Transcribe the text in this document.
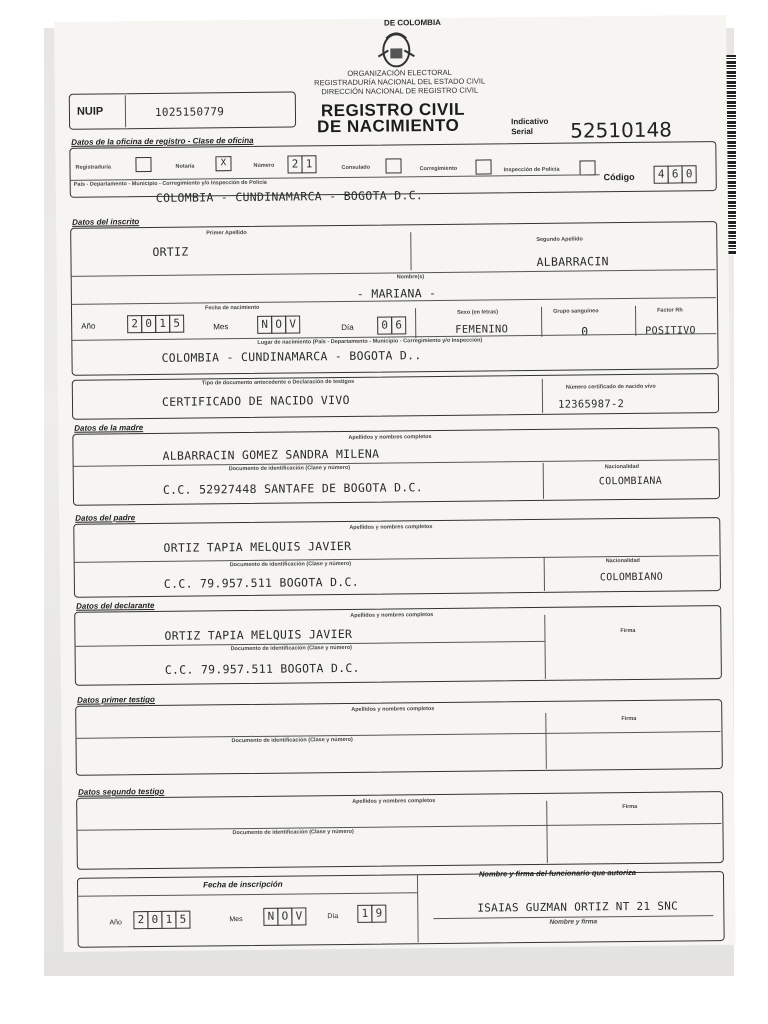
DE COLOMBIA
ORGANIZACIÓN ELECTORAL
REGISTRADURÍA NACIONAL DEL ESTADO CIVIL
DIRECCIÓN NACIONAL DE REGISTRO CIVIL
REGISTRO CIVIL
DE NACIMIENTO
NUIP	1025150779
Indicativo
Serial 52510148
Datos de la oficina de registro - Clase de oficina
Registraduría	Notaría	X	Número	2 1	Consulado	Corregimiento	Inspección de Policía
Código	4 6 0
País - Departamento - Municipio - Corregimiento y/o Inspección de Policía
COLOMBIA - CUNDINAMARCA - BOGOTA D.C.
Datos del inscrito
Primer Apellido
ORTIZ
Segundo Apellido
ALBARRACIN
Nombre(s)
- MARIANA -
Fecha de nacimiento
Año	2 0 1 5	Mes	N O V	Día	0 6
Sexo (en letras)
FEMENINO
Grupo sanguíneo
0
Factor Rh
POSITIVO
Lugar de nacimiento (País - Departamento - Municipio - Corregimiento y/o Inspección)
COLOMBIA - CUNDINAMARCA - BOGOTA D..
Tipo de documento antecedente o Declaración de testigos
CERTIFICADO DE NACIDO VIVO
Número certificado de nacido vivo
12365987-2
Datos de la madre
Apellidos y nombres completos
ALBARRACIN GOMEZ SANDRA MILENA
Documento de identificación (Clase y número)
C.C. 52927448 SANTAFE DE BOGOTA D.C.
Nacionalidad
COLOMBIANA
Datos del padre
Apellidos y nombres completos
ORTIZ TAPIA MELQUIS JAVIER
Documento de identificación (Clase y número)
C.C. 79.957.511 BOGOTA D.C.
Nacionalidad
COLOMBIANO
Datos del declarante
Apellidos y nombres completos
ORTIZ TAPIA MELQUIS JAVIER
Documento de identificación (Clase y número)
C.C. 79.957.511 BOGOTA D.C.
Firma
Datos primer testigo
Apellidos y nombres completos
Documento de identificación (Clase y número)
Firma
Datos segundo testigo
Apellidos y nombres completos
Documento de identificación (Clase y número)
Firma
Fecha de inscripción
Año	2 0 1 5	Mes	N O V	Día	1 9
Nombre y firma del funcionario que autoriza
ISAIAS GUZMAN ORTIZ NT 21 SNC
Nombre y firma
